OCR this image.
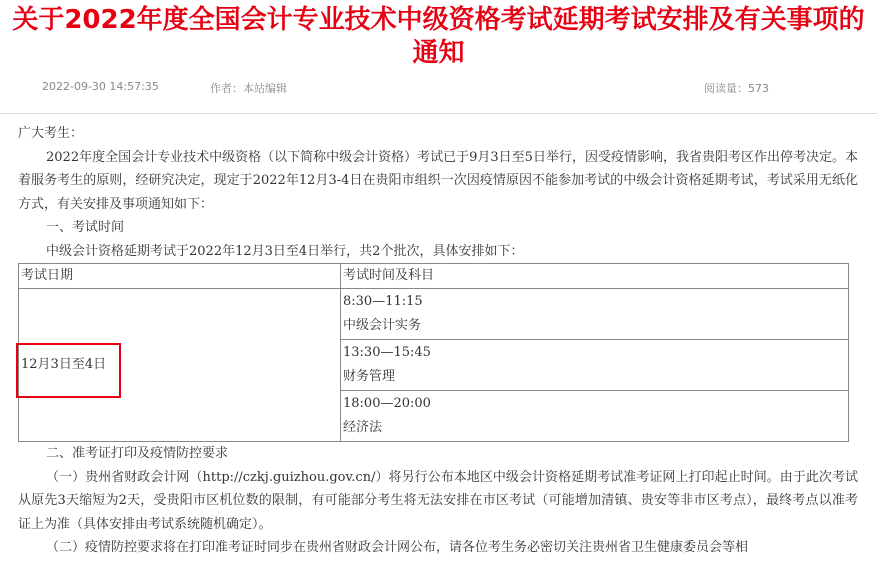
关于2022年度全国会计专业技术中级资格考试延期考试安排及有关事项的通知
2022-09-30 14:57:35	作者：本站编辑	阅读量：573

广大考生：

2022年度全国会计专业技术中级资格（以下简称中级会计资格）考试已于9月3日至5日举行，因受疫情影响，我省贵阳考区作出停考决定。本着服务考生的原则，经研究决定，现定于2022年12月3-4日在贵阳市组织一次因疫情原因不能参加考试的中级会计资格延期考试，考试采用无纸化方式，有关安排及事项通知如下：

一、考试时间

中级会计资格延期考试于2022年12月3日至4日举行，共2个批次，具体安排如下：

考试日期	考试时间及科目
12月3日至4日	8:30—11:15
中级会计实务

	13:30—15:45
财务管理

	18:00—20:00
经济法

二、准考证打印及疫情防控要求

（一）贵州省财政会计网（http://czkj.guizhou.gov.cn/）将另行公布本地区中级会计资格延期考试准考证网上打印起止时间。由于此次考试从原先3天缩短为2天，受贵阳市区机位数的限制，有可能部分考生将无法安排在市区考试（可能增加清镇、贵安等非市区考点），最终考点以准考证上为准（具体安排由考试系统随机确定）。

（二）疫情防控要求将在打印准考证时同步在贵州省财政会计网公布，请各位考生务必密切关注贵州省卫生健康委员会等相
